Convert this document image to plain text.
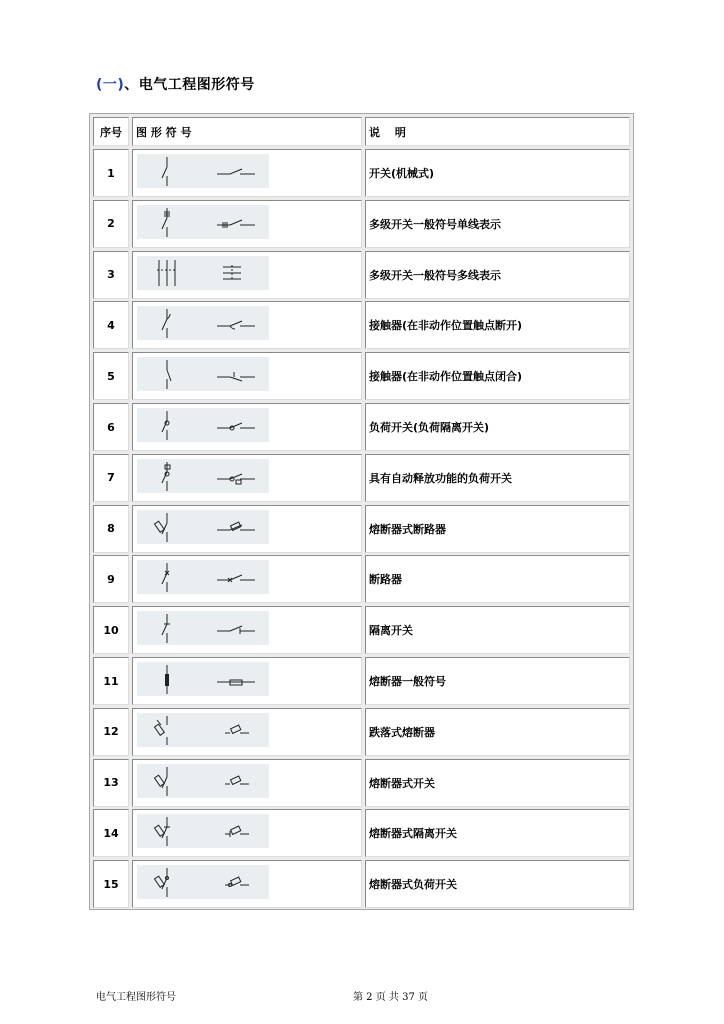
(一)、电气工程图形符号
序号	图 形 符 号	说　 明
1	开关(机械式)
2	多级开关一般符号单线表示
3	多级开关一般符号多线表示
4	接触器(在非动作位置触点断开)
5	接触器(在非动作位置触点闭合)
6	负荷开关(负荷隔离开关)
7	具有自动释放功能的负荷开关
8	熔断器式断路器
9	断路器
10	隔离开关
11	熔断器一般符号
12	跌落式熔断器
13	熔断器式开关
14	熔断器式隔离开关
15	熔断器式负荷开关
电气工程图形符号	第 2 页 共 37 页
